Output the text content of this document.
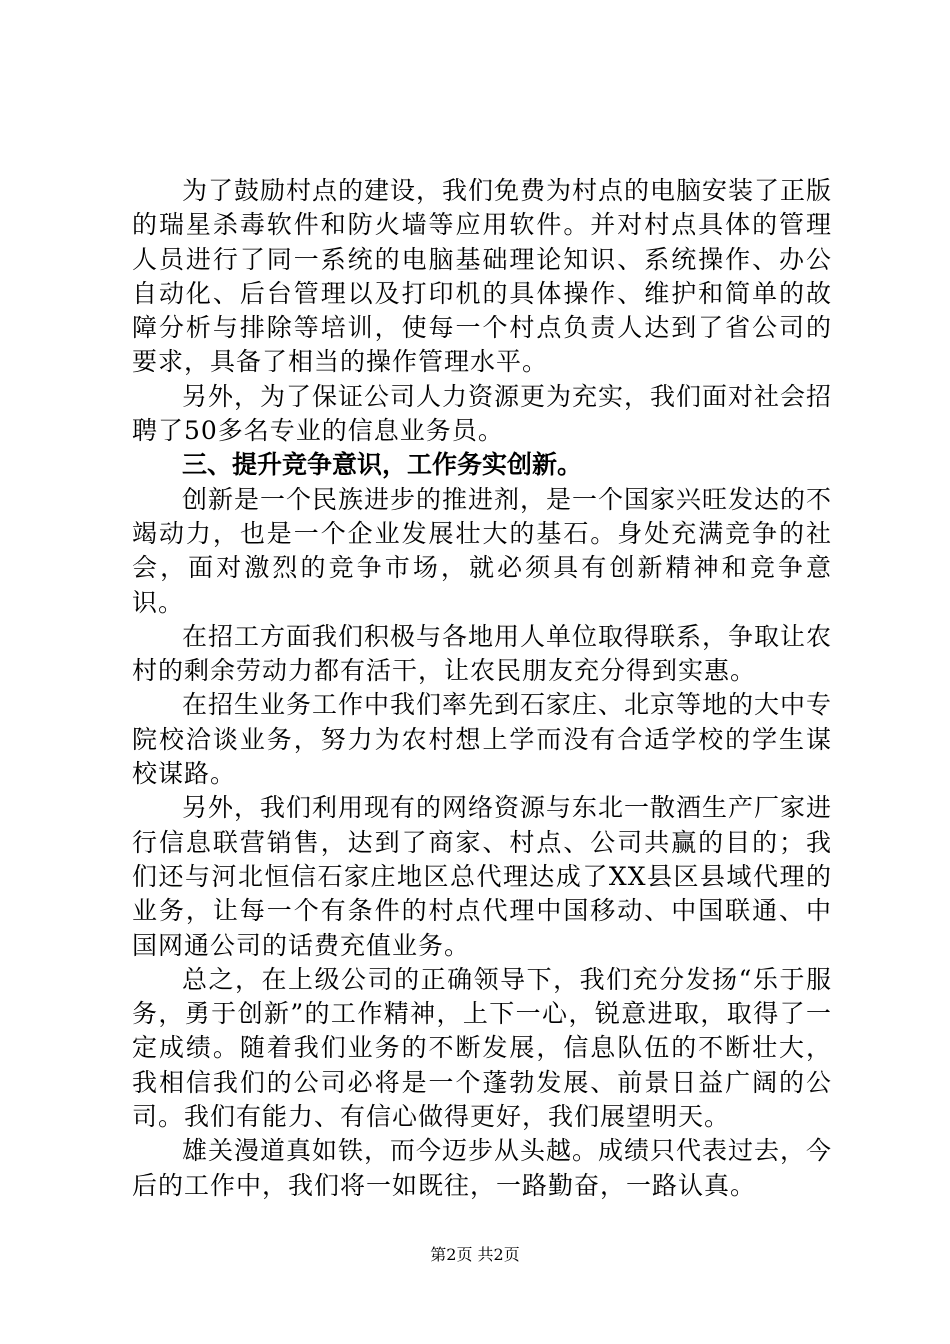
为了鼓励村点的建设，我们免费为村点的电脑安装了正版的瑞星杀毒软件和防火墙等应用软件。并对村点具体的管理人员进行了同一系统的电脑基础理论知识、系统操作、办公自动化、后台管理以及打印机的具体操作、维护和简单的故障分析与排除等培训，使每一个村点负责人达到了省公司的要求，具备了相当的操作管理水平。

另外，为了保证公司人力资源更为充实，我们面对社会招聘了50多名专业的信息业务员。

三、提升竞争意识，工作务实创新。

创新是一个民族进步的推进剂，是一个国家兴旺发达的不竭动力，也是一个企业发展壮大的基石。身处充满竞争的社会，面对激烈的竞争市场，就必须具有创新精神和竞争意识。

在招工方面我们积极与各地用人单位取得联系，争取让农村的剩余劳动力都有活干，让农民朋友充分得到实惠。

在招生业务工作中我们率先到石家庄、北京等地的大中专院校洽谈业务，努力为农村想上学而没有合适学校的学生谋校谋路。

另外，我们利用现有的网络资源与东北一散酒生产厂家进行信息联营销售，达到了商家、村点、公司共赢的目的；我们还与河北恒信石家庄地区总代理达成了XX县区县域代理的业务，让每一个有条件的村点代理中国移动、中国联通、中国网通公司的话费充值业务。

总之，在上级公司的正确领导下，我们充分发扬“乐于服务，勇于创新”的工作精神，上下一心，锐意进取，取得了一定成绩。随着我们业务的不断发展，信息队伍的不断壮大，我相信我们的公司必将是一个蓬勃发展、前景日益广阔的公司。我们有能力、有信心做得更好，我们展望明天。

雄关漫道真如铁，而今迈步从头越。成绩只代表过去，今后的工作中，我们将一如既往，一路勤奋，一路认真。

第2页 共2页
